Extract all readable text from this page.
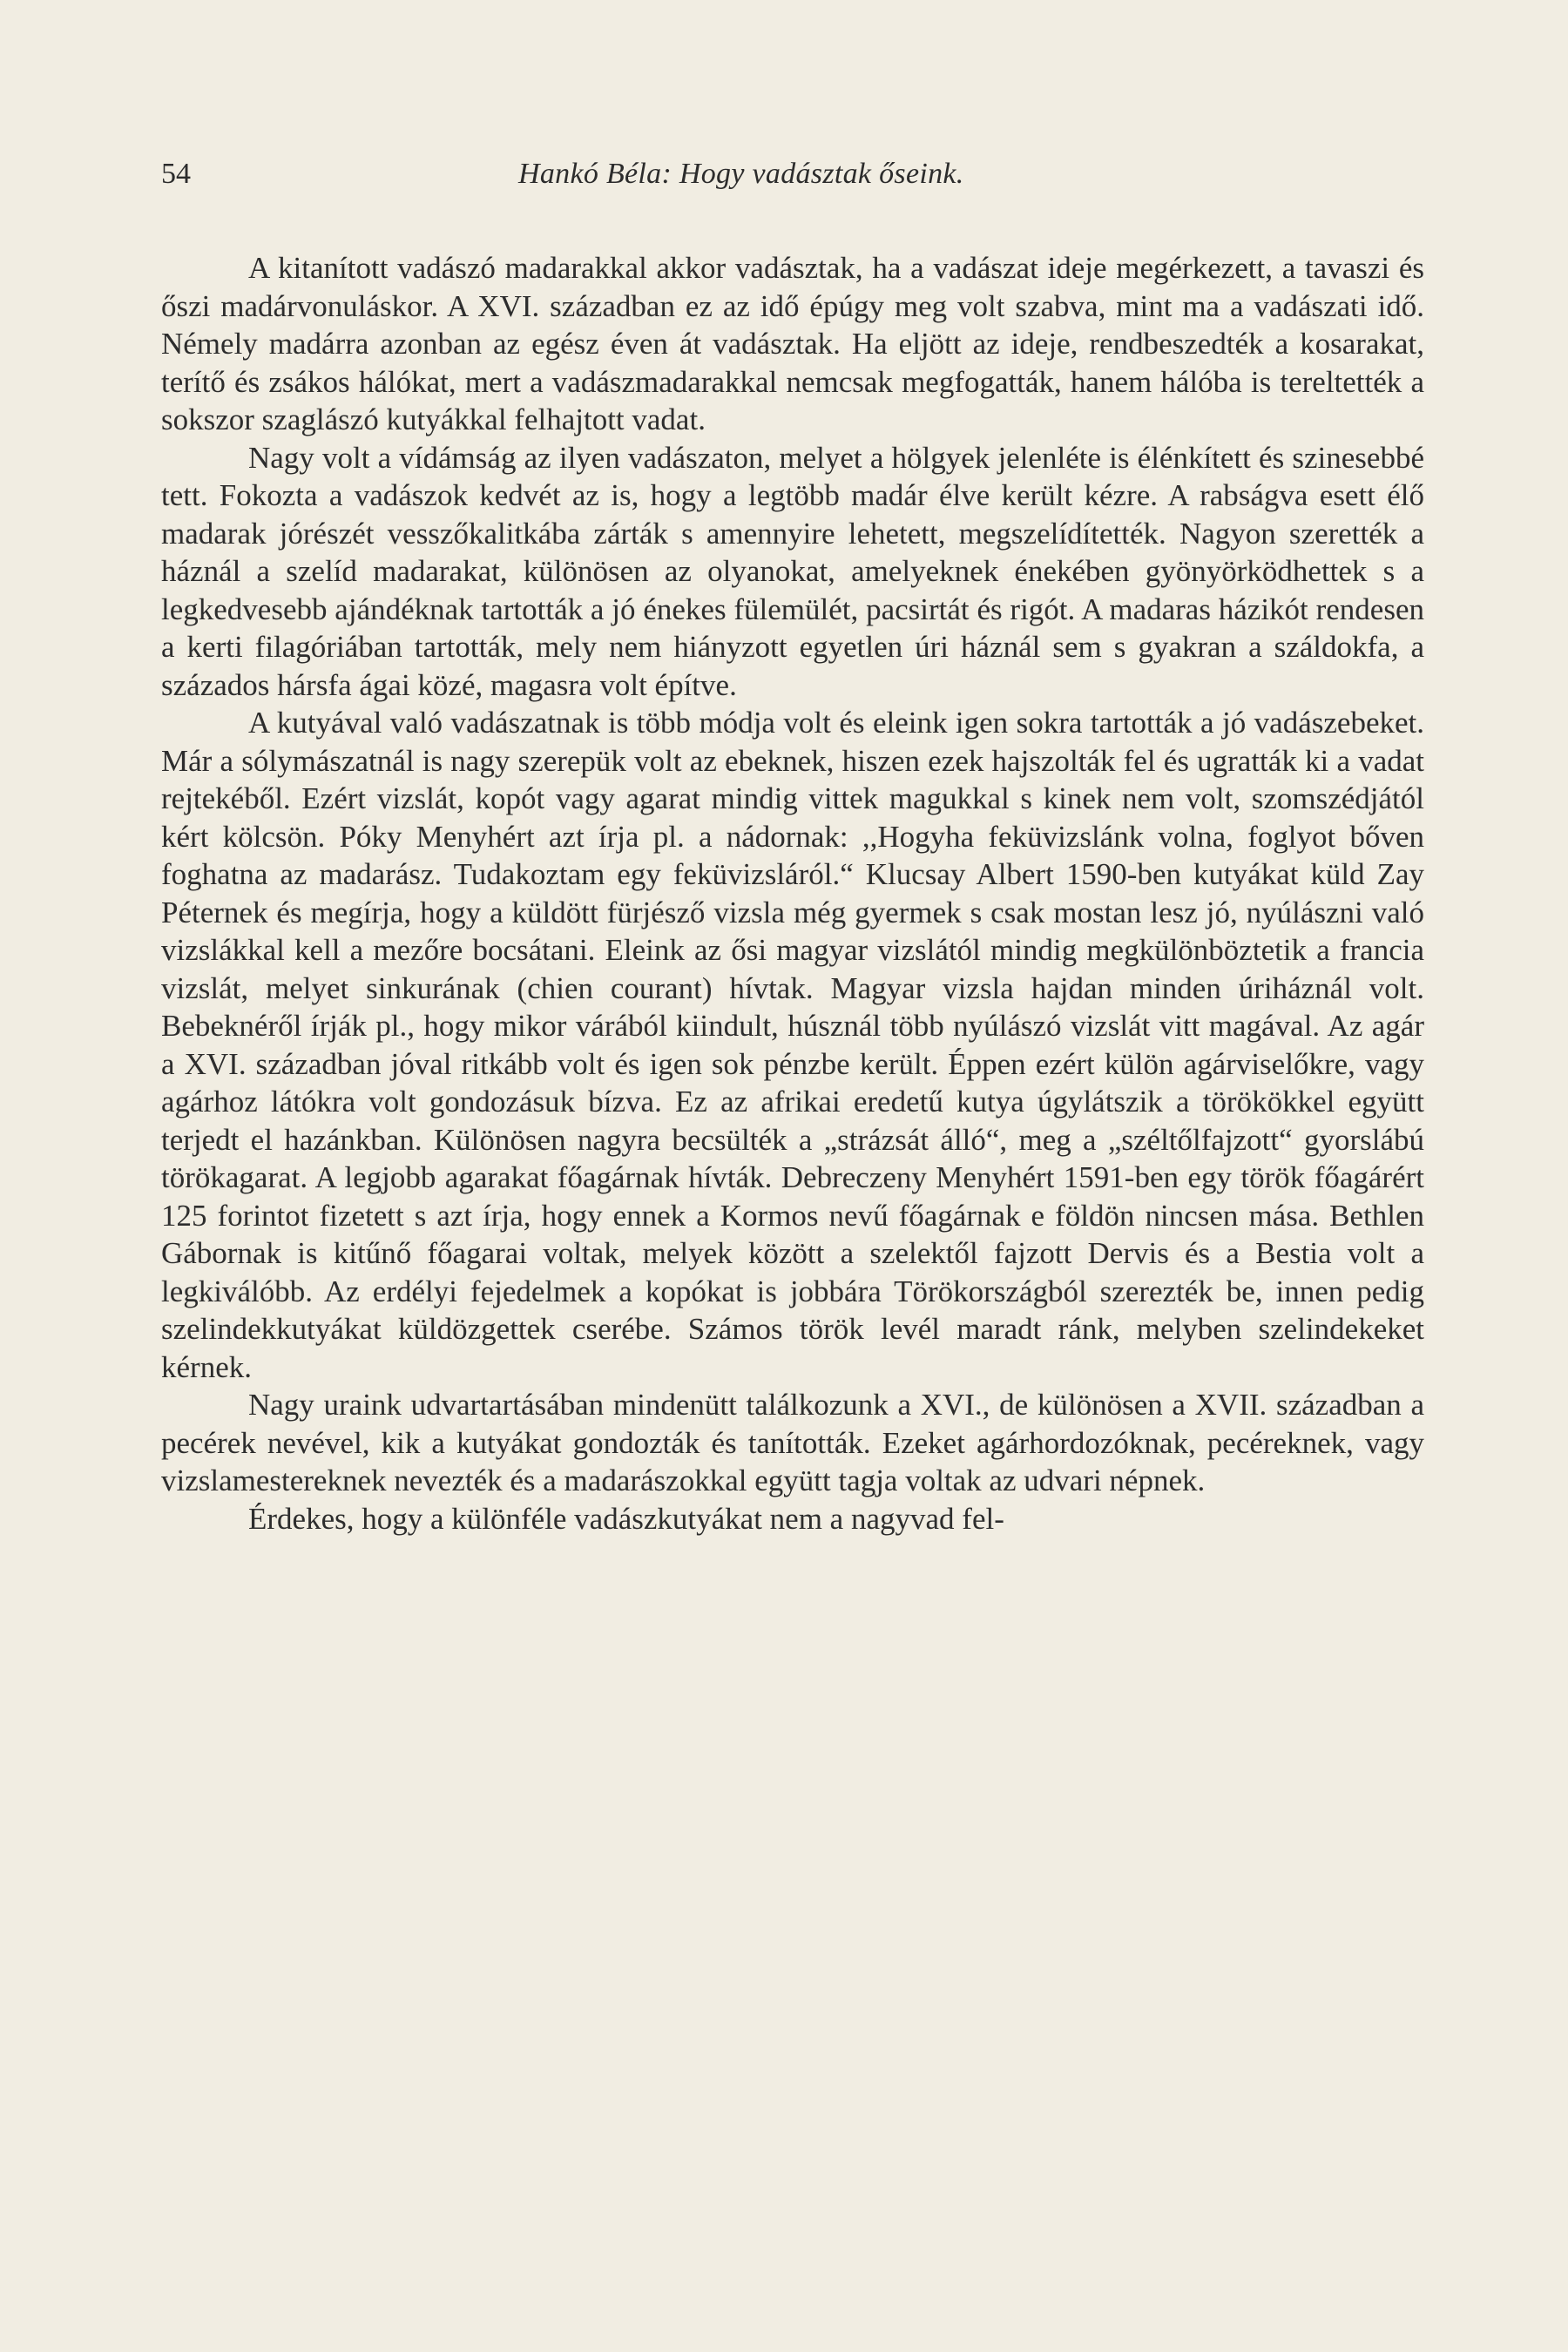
54	Hankó Béla: Hogy vadásztak őseink.

A kitanított vadászó madarakkal akkor vadásztak, ha a vadászat ideje megérkezett, a tavaszi és őszi madárvonuláskor. A XVI. században ez az idő épúgy meg volt szabva, mint ma a vadászati idő. Némely madárra azonban az egész éven át vadásztak. Ha eljött az ideje, rendbeszedték a kosarakat, terítő és zsákos hálókat, mert a vadászmadarakkal nemcsak megfogatták, hanem hálóba is tereltették a sokszor szaglászó kutyákkal felhajtott vadat.

Nagy volt a vídámság az ilyen vadászaton, melyet a hölgyek jelenléte is élénkített és szinesebbé tett. Fokozta a vadászok kedvét az is, hogy a legtöbb madár élve került kézre. A rabságva esett élő madarak jórészét vesszőkalitkába zárták s amennyire lehetett, megszelídítették. Nagyon szerették a háznál a szelíd madarakat, különösen az olyanokat, amelyeknek énekében gyönyörködhettek s a legkedvesebb ajándéknak tartották a jó énekes fülemülét, pacsirtát és rigót. A madaras házikót rendesen a kerti filagóriában tartották, mely nem hiányzott egyetlen úri háznál sem s gyakran a száldokfa, a százados hársfa ágai közé, magasra volt építve.

A kutyával való vadászatnak is több módja volt és eleink igen sokra tartották a jó vadászebeket. Már a sólymászatnál is nagy szerepük volt az ebeknek, hiszen ezek hajszolták fel és ugratták ki a vadat rejtekéből. Ezért vizslát, kopót vagy agarat mindig vittek magukkal s kinek nem volt, szomszédjától kért kölcsön. Póky Menyhért azt írja pl. a nádornak: ,,Hogyha feküvizslánk volna, foglyot bőven foghatna az madarász. Tudakoztam egy feküvizsláról.“ Klucsay Albert 1590-ben kutyákat küld Zay Péternek és megírja, hogy a küldött fürjésző vizsla még gyermek s csak mostan lesz jó, nyúlászni való vizslákkal kell a mezőre bocsátani. Eleink az ősi magyar vizslától mindig megkülönböztetik a francia vizslát, melyet sinkurának (chien courant) hívtak. Magyar vizsla hajdan minden úriháznál volt. Bebeknéről írják pl., hogy mikor várából kiindult, húsznál több nyúlászó vizslát vitt magával. Az agár a XVI. században jóval ritkább volt és igen sok pénzbe került. Éppen ezért külön agárviselőkre, vagy agárhoz látókra volt gondozásuk bízva. Ez az afrikai eredetű kutya úgylátszik a törökökkel együtt terjedt el hazánkban. Különösen nagyra becsülték a „strázsát álló“, meg a „széltőlfajzott“ gyorslábú törökagarat. A legjobb agarakat főagárnak hívták. Debreczeny Menyhért 1591-ben egy török főagárért 125 forintot fizetett s azt írja, hogy ennek a Kormos nevű főagárnak e földön nincsen mása. Bethlen Gábornak is kitűnő főagarai voltak, melyek között a szelektől fajzott Dervis és a Bestia volt a legkiválóbb. Az erdélyi fejedelmek a kopókat is jobbára Törökországból szerezték be, innen pedig szelindekkutyákat küldözgettek cserébe. Számos török levél maradt ránk, melyben szelindekeket kérnek.

Nagy uraink udvartartásában mindenütt találkozunk a XVI., de különösen a XVII. században a pecérek nevével, kik a kutyákat gondozták és tanították. Ezeket agárhordozóknak, pecéreknek, vagy vizslamestereknek nevezték és a madarászokkal együtt tagja voltak az udvari népnek.

Érdekes, hogy a különféle vadászkutyákat nem a nagyvad fel-
